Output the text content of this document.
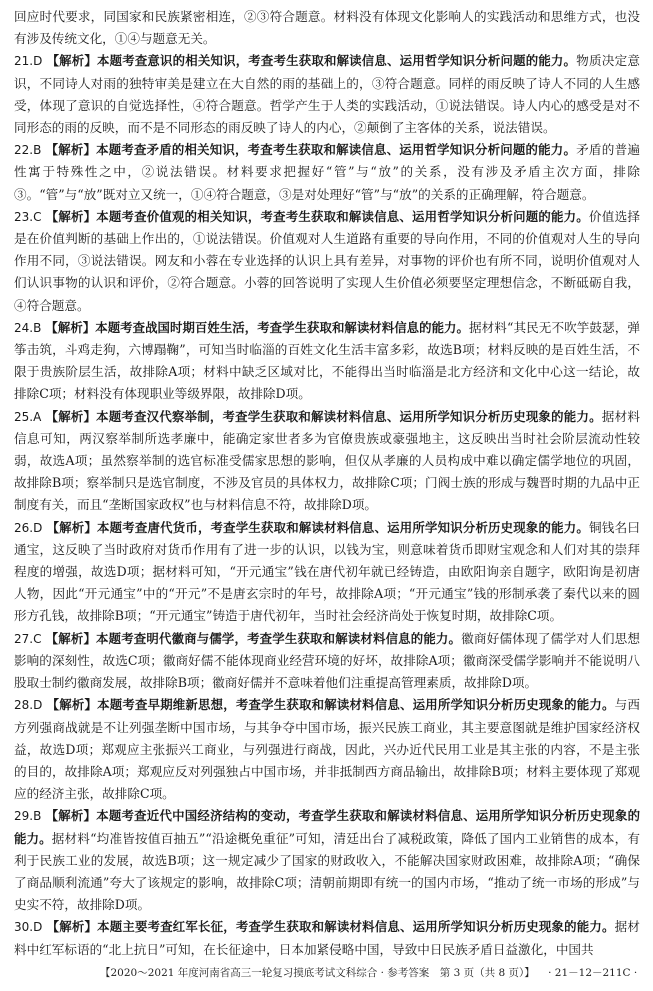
回应时代要求，同国家和民族紧密相连，②③符合题意。材料没有体现文化影响人的实践活动和思维方式，也没有涉及传统文化，①④与题意无关。

21.D 【解析】本题考查意识的相关知识，考查考生获取和解读信息、运用哲学知识分析问题的能力。物质决定意识，不同诗人对雨的独特审美是建立在大自然的雨的基础上的，③符合题意。同样的雨反映了诗人不同的人生感受，体现了意识的自觉选择性，④符合题意。哲学产生于人类的实践活动，①说法错误。诗人内心的感受是对不同形态的雨的反映，而不是不同形态的雨反映了诗人的内心，②颠倒了主客体的关系，说法错误。

22.B 【解析】本题考查矛盾的相关知识，考查考生获取和解读信息、运用哲学知识分析问题的能力。矛盾的普遍性寓于特殊性之中，②说法错误。材料要求把握好“管”与“放”的关系，没有涉及矛盾主次方面，排除③。“管”与“放”既对立又统一，①④符合题意，③是对处理好“管”与“放”的关系的正确理解，符合题意。

23.C 【解析】本题考查价值观的相关知识，考查考生获取和解读信息、运用哲学知识分析问题的能力。价值选择是在价值判断的基础上作出的，①说法错误。价值观对人生道路有重要的导向作用，不同的价值观对人生的导向作用不同，③说法错误。网友和小蓉在专业选择的认识上具有差异，对事物的评价也有所不同，说明价值观对人们认识事物的认识和评价，②符合题意。小蓉的回答说明了实现人生价值必须要坚定理想信念，不断砥砺自我，④符合题意。

24.B 【解析】本题考查战国时期百姓生活，考查学生获取和解读材料信息的能力。据材料“其民无不吹竽鼓瑟，弹筝击筑，斗鸡走狗，六博蹋鞠”，可知当时临淄的百姓文化生活丰富多彩，故选B项；材料反映的是百姓生活，不限于贵族阶层生活，故排除A项；材料中缺乏区域对比，不能得出当时临淄是北方经济和文化中心这一结论，故排除C项；材料没有体现职业等级界限，故排除D项。

25.A 【解析】本题考查汉代察举制，考查学生获取和解读材料信息、运用所学知识分析历史现象的能力。据材料信息可知，两汉察举制所选孝廉中，能确定家世者多为官僚贵族或豪强地主，这反映出当时社会阶层流动性较弱，故选A项；虽然察举制的选官标准受儒家思想的影响，但仅从孝廉的人员构成中难以确定儒学地位的巩固，故排除B项；察举制只是选官制度，不涉及官员的具体权力，故排除C项；门阀士族的形成与魏晋时期的九品中正制度有关，而且“垄断国家政权”也与材料信息不符，故排除D项。

26.D 【解析】本题考查唐代货币，考查学生获取和解读材料信息、运用所学知识分析历史现象的能力。铜钱名曰通宝，这反映了当时政府对货币作用有了进一步的认识，以钱为宝，则意味着货币即财宝观念和人们对其的崇拜程度的增强，故选D项；据材料可知，“开元通宝”钱在唐代初年就已经铸造，由欧阳询亲自题字，欧阳询是初唐人物，因此“开元通宝”中的“开元”不是唐玄宗时的年号，故排除A项；“开元通宝”钱的形制承袭了秦代以来的圆形方孔钱，故排除B项；“开元通宝”铸造于唐代初年，当时社会经济尚处于恢复时期，故排除C项。

27.C 【解析】本题考查明代徽商与儒学，考查学生获取和解读材料信息的能力。徽商好儒体现了儒学对人们思想影响的深刻性，故选C项；徽商好儒不能体现商业经营环境的好坏，故排除A项；徽商深受儒学影响并不能说明八股取士制约徽商发展，故排除B项；徽商好儒并不意味着他们注重提高管理素质，故排除D项。

28.D 【解析】本题考查早期维新思想，考查学生获取和解读材料信息、运用所学知识分析历史现象的能力。与西方列强商战就是不让列强垄断中国市场，与其争夺中国市场，振兴民族工商业，其主要意图就是维护国家经济权益，故选D项；郑观应主张振兴工商业，与列强进行商战，因此，兴办近代民用工业是其主张的内容，不是主张的目的，故排除A项；郑观应反对列强独占中国市场，并非抵制西方商品输出，故排除B项；材料主要体现了郑观应的经济主张，故排除C项。

29.B 【解析】本题考查近代中国经济结构的变动，考查学生获取和解读材料信息、运用所学知识分析历史现象的能力。据材料“均准皆按值百抽五”“沿途概免重征”可知，清廷出台了减税政策，降低了国内工业销售的成本，有利于民族工业的发展，故选B项；这一规定减少了国家的财政收入，不能解决国家财政困难，故排除A项；“确保了商品顺利流通”夸大了该规定的影响，故排除C项；清朝前期即有统一的国内市场，“推动了统一市场的形成”与史实不符，故排除D项。

30.D 【解析】本题主要考查红军长征，考查学生获取和解读材料信息、运用所学知识分析历史现象的能力。据材料中红军标语的“北上抗日”可知，在长征途中，日本加紧侵略中国，导致中日民族矛盾日益激化，中国共

【2020～2021 年度河南省高三一轮复习摸底考试文科综合 · 参考答案　第 3 页（共 8 页）】 · 21－12－211C ·
